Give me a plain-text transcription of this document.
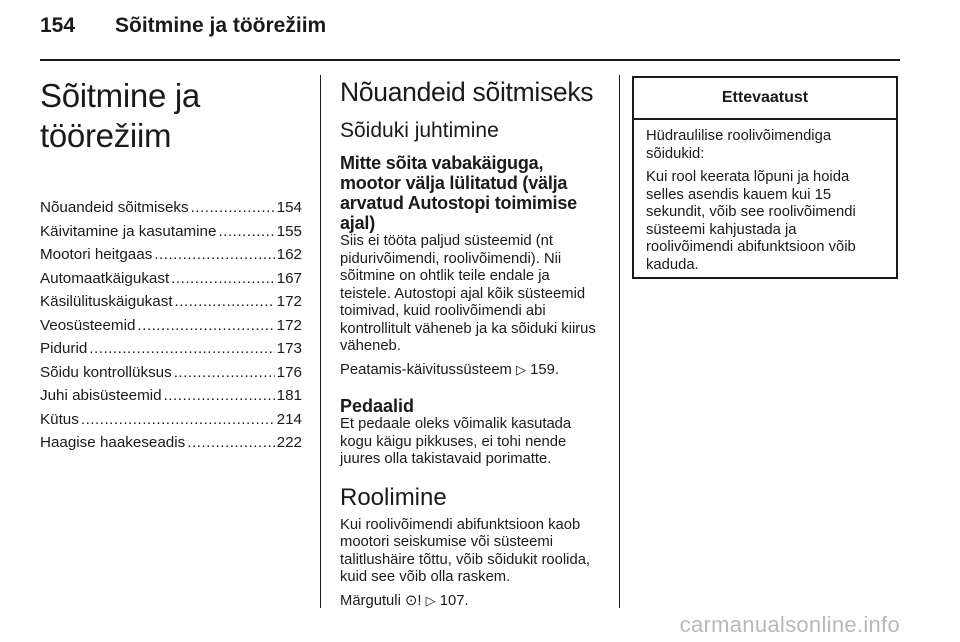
154 Sõitmine ja töörežiim
Sõitmine ja töörežiim
Nõuandeid sõitmiseks .....	154
Käivitamine ja kasutamine .....	155
Mootori heitgaas .....	162
Automaatkäigukast .....	167
Käsilülituskäigukast .....	172
Veosüsteemid .....	172
Pidurid .....	173
Sõidu kontrollüksus .....	176
Juhi abisüsteemid .....	181
Kütus .....	214
Haagise haakeseadis .....	222
Nõuandeid sõitmiseks
Sõiduki juhtimine
Mitte sõita vabakäiguga, mootor välja lülitatud (välja arvatud Autostopi toimimise ajal)
Siis ei tööta paljud süsteemid (nt pidurivõimendi, roolivõimendi). Nii sõitmine on ohtlik teile endale ja teistele. Autostopi ajal kõik süsteemid toimivad, kuid roolivõimendi abi kontrollitult väheneb ja ka sõiduki kiirus väheneb.
Peatamis-käivitussüsteem ▷ 159.
Pedaalid
Et pedaale oleks võimalik kasutada kogu käigu pikkuses, ei tohi nende juures olla takistavaid porimatte.
Roolimine
Kui roolivõimendi abifunktsioon kaob mootori seiskumise või süsteemi talitlushäire tõttu, võib sõidukit roolida, kuid see võib olla raskem.
Märgutuli ⊙! ▷ 107.
Ettevaatust
Hüdraulilise roolivõimendiga sõidukid:
Kui rool keerata lõpuni ja hoida selles asendis kauem kui 15 sekundit, võib see roolivõimendi süsteemi kahjustada ja roolivõimendi abifunktsioon võib kaduda.
carmanualsonline.info
